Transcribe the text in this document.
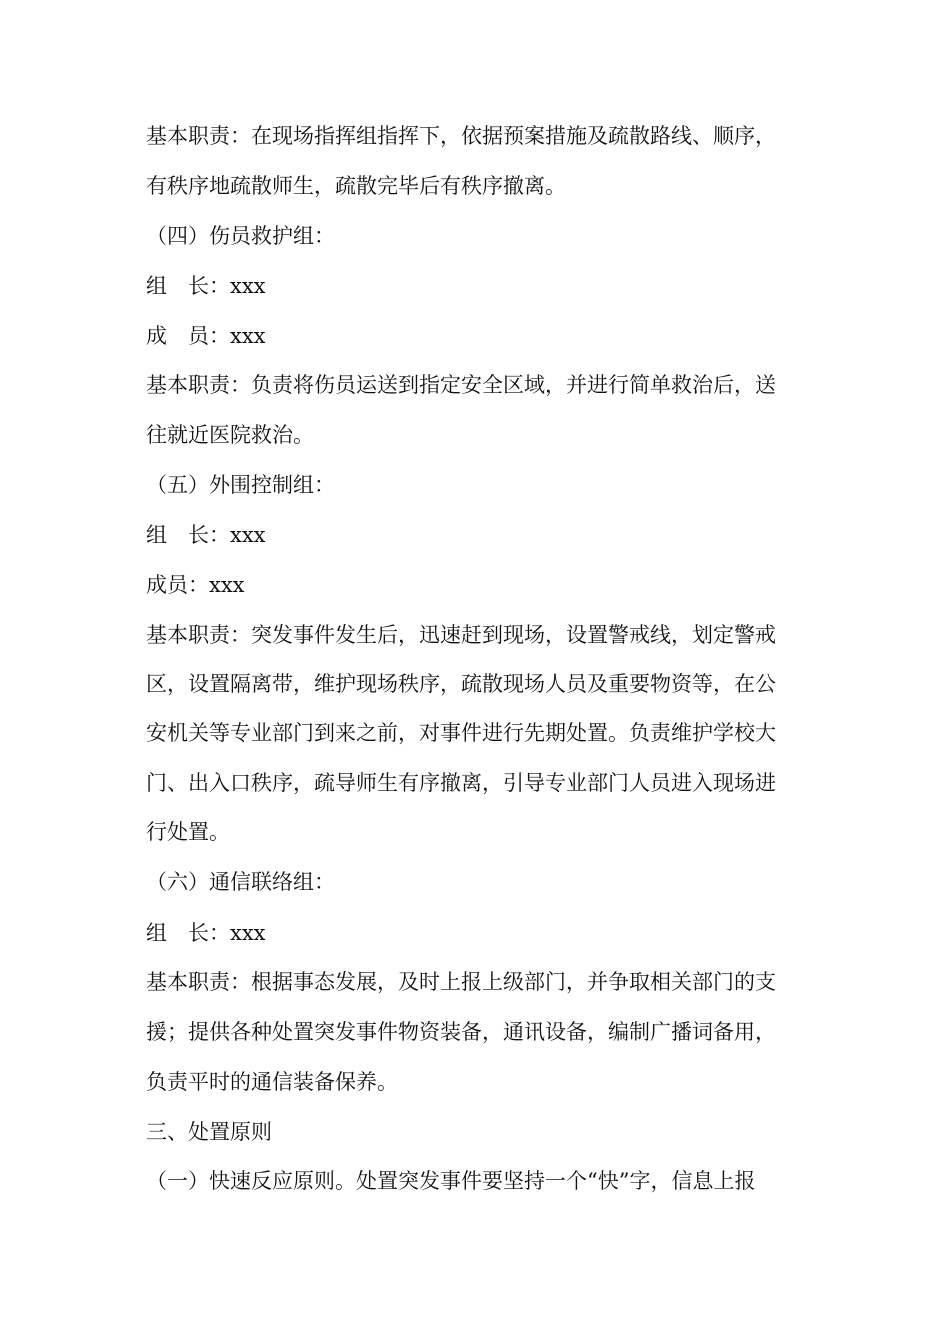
基本职责：在现场指挥组指挥下，依据预案措施及疏散路线、顺序，
有秩序地疏散师生，疏散完毕后有秩序撤离。
（四）伤员救护组：
组　长：xxx
成　员：xxx
基本职责：负责将伤员运送到指定安全区域，并进行简单救治后，送
往就近医院救治。
（五）外围控制组：
组　长：xxx
成员：xxx
基本职责：突发事件发生后，迅速赶到现场，设置警戒线，划定警戒
区，设置隔离带，维护现场秩序，疏散现场人员及重要物资等，在公
安机关等专业部门到来之前，对事件进行先期处置。负责维护学校大
门、出入口秩序，疏导师生有序撤离，引导专业部门人员进入现场进
行处置。
（六）通信联络组：
组　长：xxx
基本职责：根据事态发展，及时上报上级部门，并争取相关部门的支
援；提供各种处置突发事件物资装备，通讯设备，编制广播词备用，
负责平时的通信装备保养。
三、处置原则
（一）快速反应原则。处置突发事件要坚持一个“快”字，信息上报
